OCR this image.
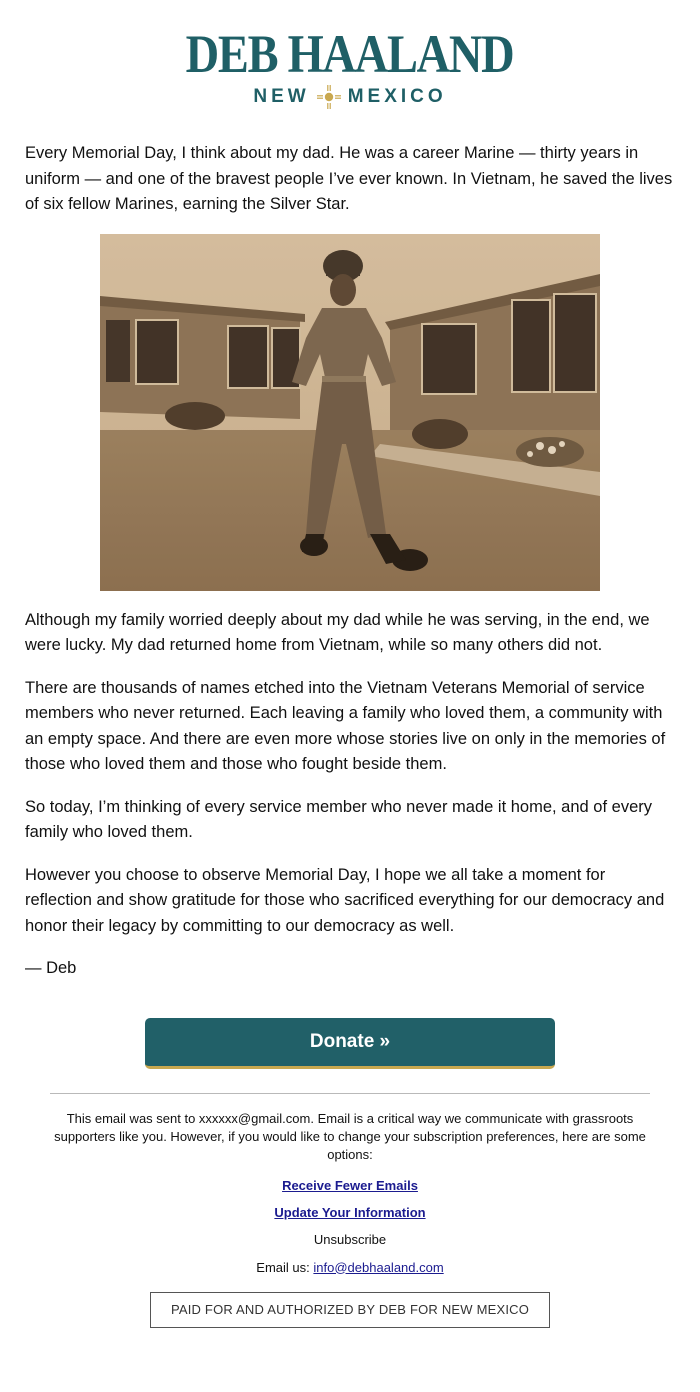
DEB HAALAND
NEW MEXICO

Every Memorial Day, I think about my dad. He was a career Marine — thirty years in uniform — and one of the bravest people I’ve ever known. In Vietnam, he saved the lives of six fellow Marines, earning the Silver Star.

Although my family worried deeply about my dad while he was serving, in the end, we were lucky. My dad returned home from Vietnam, while so many others did not.

There are thousands of names etched into the Vietnam Veterans Memorial of service members who never returned. Each leaving a family who loved them, a community with an empty space. And there are even more whose stories live on only in the memories of those who loved them and those who fought beside them.

So today, I’m thinking of every service member who never made it home, and of every family who loved them.

However you choose to observe Memorial Day, I hope we all take a moment for reflection and show gratitude for those who sacrificed everything for our democracy and honor their legacy by committing to our democracy as well.

— Deb

Donate »

This email was sent to xxxxxx@gmail.com. Email is a critical way we communicate with grassroots supporters like you. However, if you would like to change your subscription preferences, here are some options:

Receive Fewer Emails
Update Your Information
Unsubscribe
Email us: info@debhaaland.com
PAID FOR AND AUTHORIZED BY DEB FOR NEW MEXICO
